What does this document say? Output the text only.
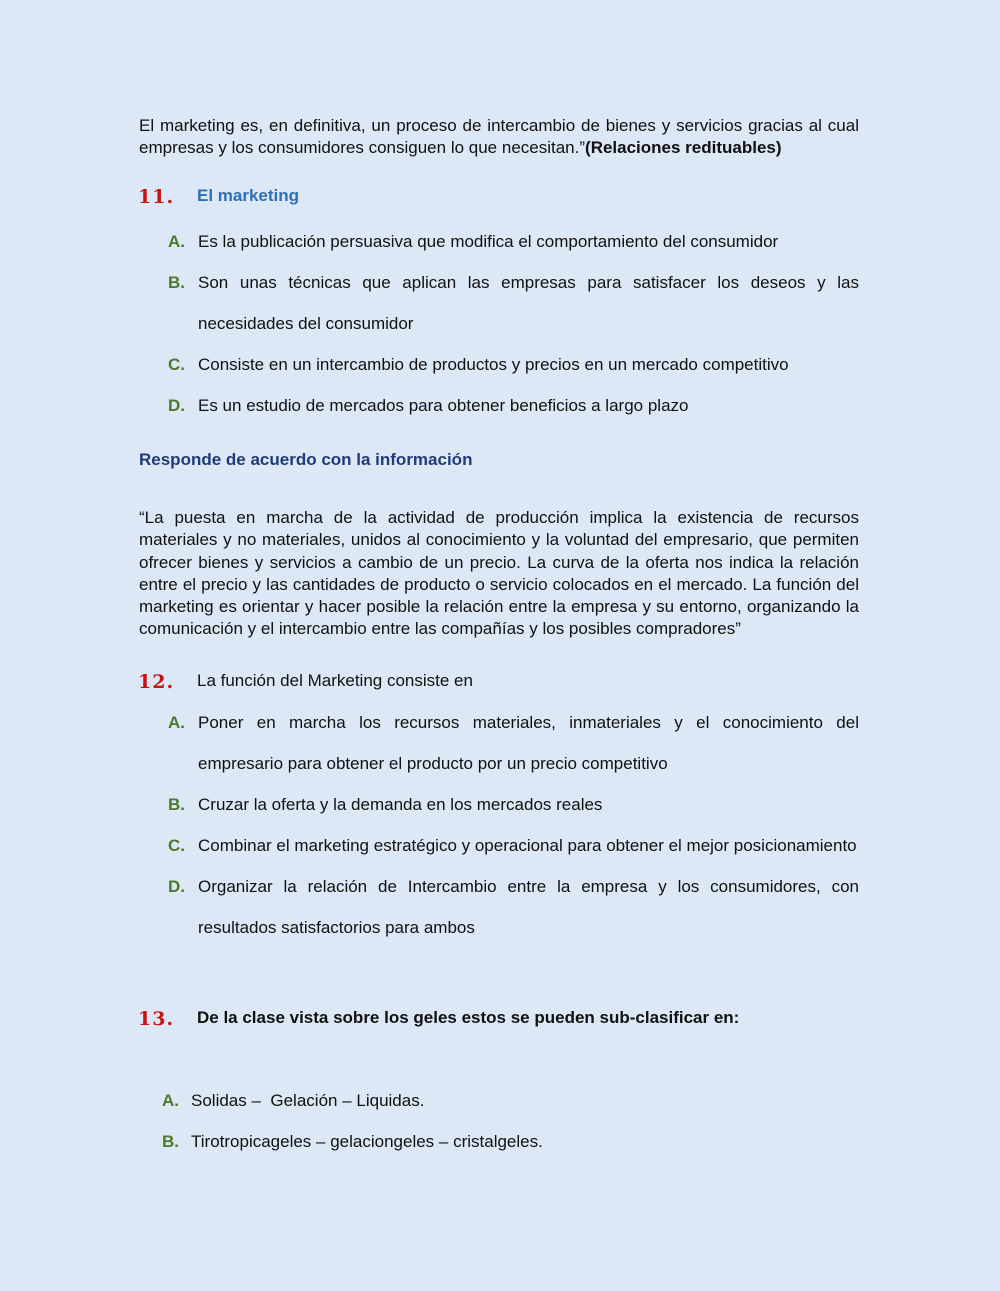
El marketing es, en definitiva, un proceso de intercambio de bienes y servicios gracias al cual empresas y los consumidores consiguen lo que necesitan.”(Relaciones redituables)
11. El marketing
A. Es la publicación persuasiva que modifica el comportamiento del consumidor
B. Son unas técnicas que aplican las empresas para satisfacer los deseos y las necesidades del consumidor
C. Consiste en un intercambio de productos y precios en un mercado competitivo
D. Es un estudio de mercados para obtener beneficios a largo plazo
Responde de acuerdo con la información
“La puesta en marcha de la actividad de producción implica la existencia de recursos materiales y no materiales, unidos al conocimiento y la voluntad del empresario, que permiten ofrecer bienes y servicios a cambio de un precio. La curva de la oferta nos indica la relación entre el precio y las cantidades de producto o servicio colocados en el mercado. La función del marketing es orientar y hacer posible la relación entre la empresa y su entorno, organizando la comunicación y el intercambio entre las compañías y los posibles compradores”
12. La función del Marketing consiste en
A. Poner en marcha los recursos materiales, inmateriales y el conocimiento del empresario para obtener el producto por un precio competitivo
B. Cruzar la oferta y la demanda en los mercados reales
C. Combinar el marketing estratégico y operacional para obtener el mejor posicionamiento
D. Organizar la relación de Intercambio entre la empresa y los consumidores, con resultados satisfactorios para ambos
13. De la clase vista sobre los geles estos se pueden sub-clasificar en:
A. Solidas –  Gelación – Liquidas.
B. Tirotropicageles – gelaciongeles – cristalgeles.
